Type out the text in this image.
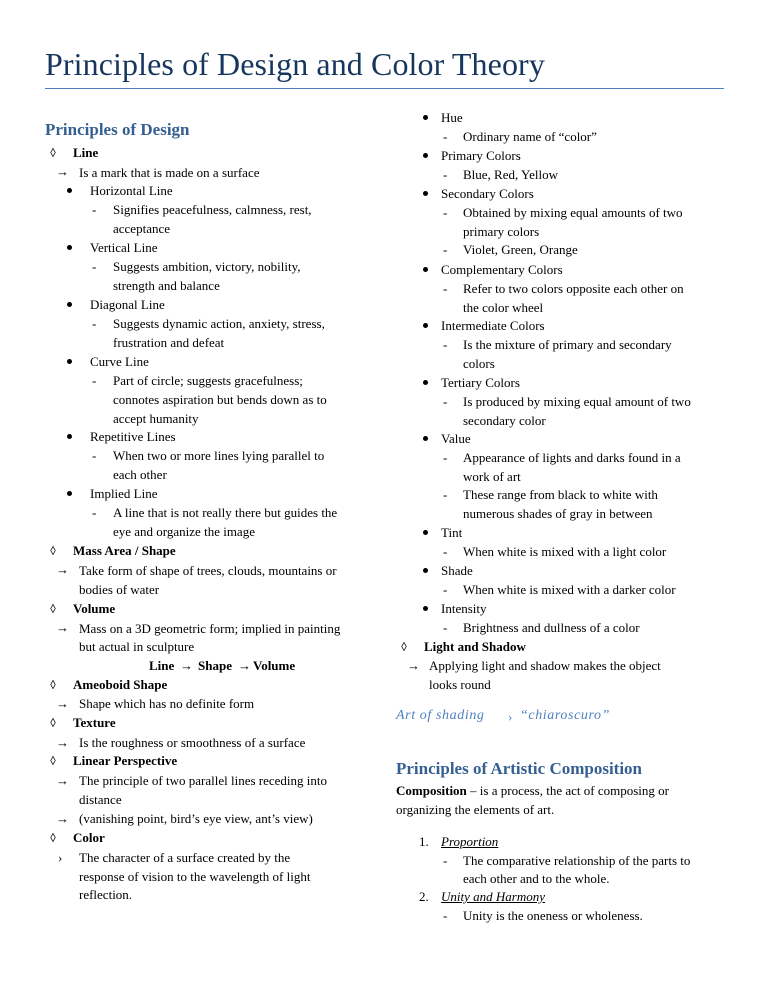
Principles of Design and Color Theory
Principles of Design
Line
→ Is a mark that is made on a surface
Horizontal Line
- Signifies peacefulness, calmness, rest,
acceptance
Vertical Line
- Suggests ambition, victory, nobility,
strength and balance
Diagonal Line
- Suggests dynamic action, anxiety, stress,
frustration and defeat
Curve Line
- Part of circle; suggests gracefulness;
connotes aspiration but bends down as to
accept humanity
Repetitive Lines
- When two or more lines lying parallel to
each other
Implied Line
- A line that is not really there but guides the
eye and organize the image
Mass Area / Shape
→ Take form of shape of trees, clouds, mountains or
bodies of water
Volume
→ Mass on a 3D geometric form; implied in painting
but actual in sculpture
Line → Shape → Volume
Ameoboid Shape
→ Shape which has no definite form
Texture
→ Is the roughness or smoothness of a surface
Linear Perspective
→ The principle of two parallel lines receding into
distance
→ (vanishing point, bird’s eye view, ant’s view)
Color
› The character of a surface created by the
response of vision to the wavelength of light
reflection.
Hue
- Ordinary name of “color”
Primary Colors
- Blue, Red, Yellow
Secondary Colors
- Obtained by mixing equal amounts of two
primary colors
- Violet, Green, Orange
Complementary Colors
- Refer to two colors opposite each other on
the color wheel
Intermediate Colors
- Is the mixture of primary and secondary
colors
Tertiary Colors
- Is produced by mixing equal amount of two
secondary color
Value
- Appearance of lights and darks found in a
work of art
- These range from black to white with
numerous shades of gray in between
Tint
- When white is mixed with a light color
Shade
- When white is mixed with a darker color
Intensity
- Brightness and dullness of a color
Light and Shadow
→ Applying light and shadow makes the object
looks round
Art of shading › “chiaroscuro”
Principles of Artistic Composition
Composition – is a process, the act of composing or
organizing the elements of art.
1. Proportion
- The comparative relationship of the parts to
each other and to the whole.
2. Unity and Harmony
- Unity is the oneness or wholeness.
